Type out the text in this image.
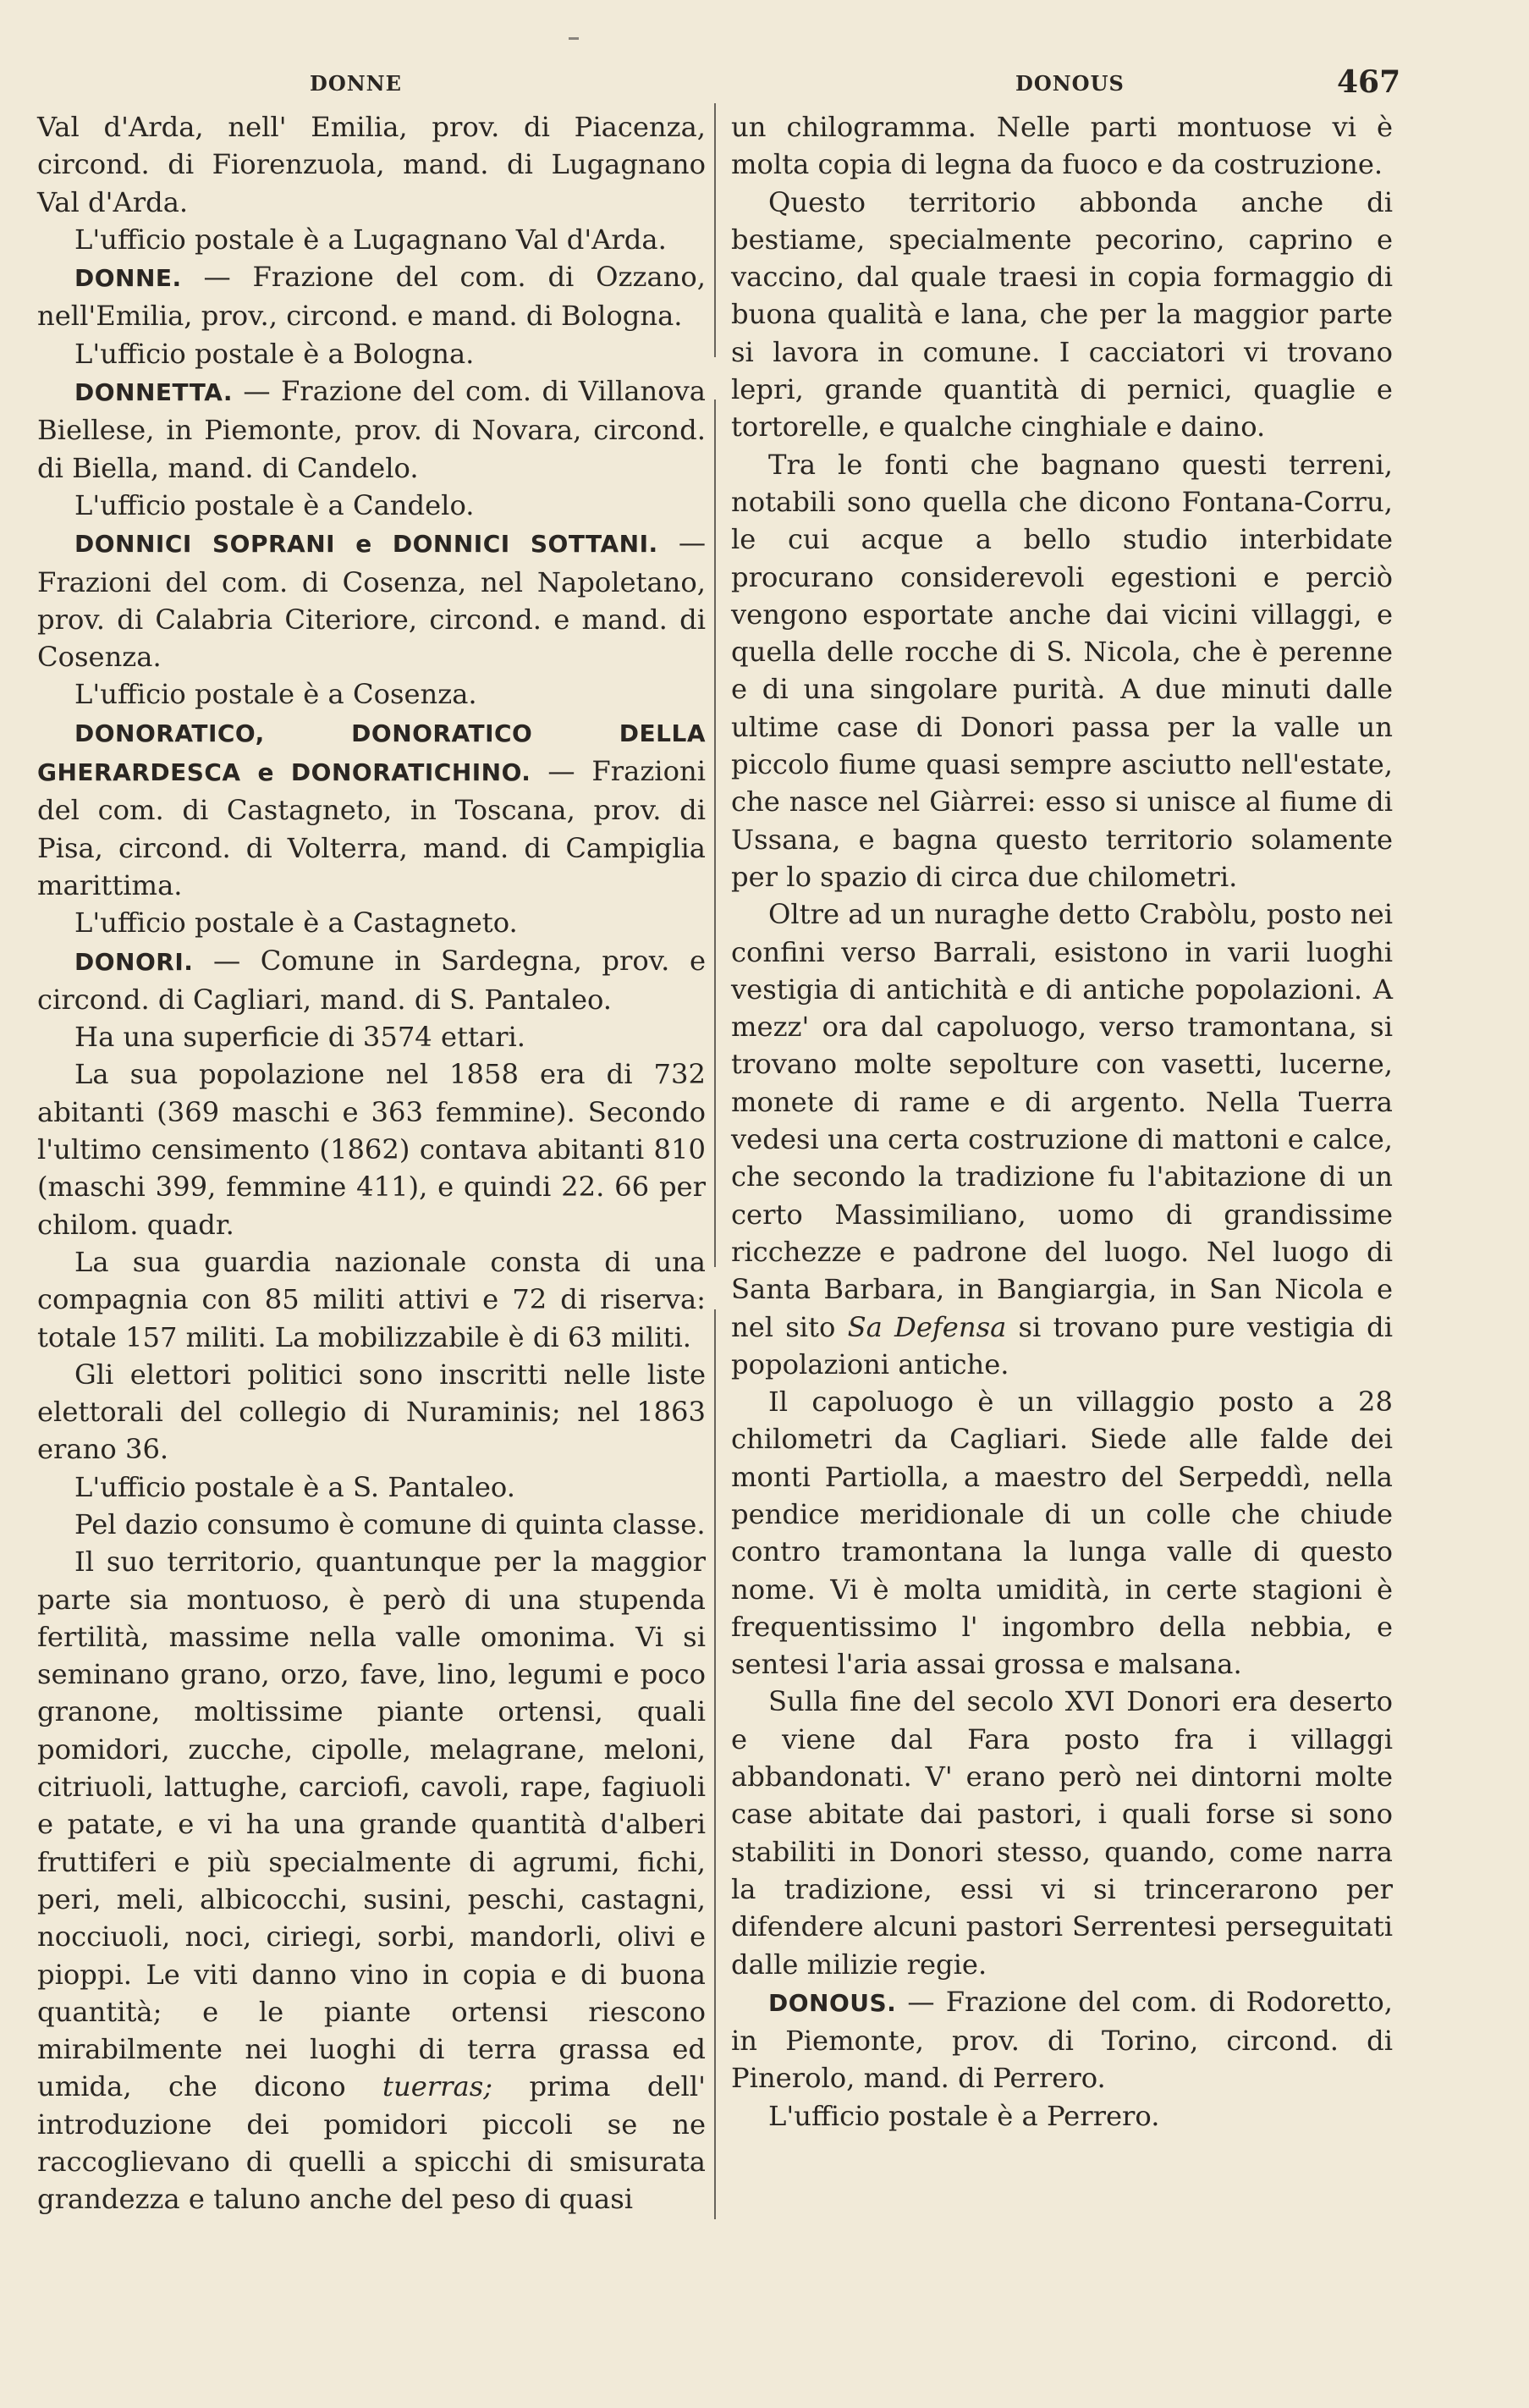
DONNE	DONOUS	467

Val d'Arda, nell' Emilia, prov. di Piacenza, circond. di Fiorenzuola, mand. di Lugagnano Val d'Arda.

L'ufficio postale è a Lugagnano Val d'Arda.

DONNE. — Frazione del com. di Ozzano, nell'Emilia, prov., circond. e mand. di Bologna.

L'ufficio postale è a Bologna.

DONNETTA. — Frazione del com. di Villanova Biellese, in Piemonte, prov. di Novara, circond. di Biella, mand. di Candelo.

L'ufficio postale è a Candelo.

DONNICI SOPRANI e DONNICI SOTTANI. — Frazioni del com. di Cosenza, nel Napoletano, prov. di Calabria Citeriore, circond. e mand. di Cosenza.

L'ufficio postale è a Cosenza.

DONORATICO, DONORATICO DELLA GHERARDESCA e DONORATICHINO. — Frazioni del com. di Castagneto, in Toscana, prov. di Pisa, circond. di Volterra, mand. di Campiglia marittima.

L'ufficio postale è a Castagneto.

DONORI. — Comune in Sardegna, prov. e circond. di Cagliari, mand. di S. Pantaleo.

Ha una superficie di 3574 ettari.

La sua popolazione nel 1858 era di 732 abitanti (369 maschi e 363 femmine). Secondo l'ultimo censimento (1862) contava abitanti 810 (maschi 399, femmine 411), e quindi 22. 66 per chilom. quadr.

La sua guardia nazionale consta di una compagnia con 85 militi attivi e 72 di riserva: totale 157 militi. La mobilizzabile è di 63 militi.

Gli elettori politici sono inscritti nelle liste elettorali del collegio di Nuraminis; nel 1863 erano 36.

L'ufficio postale è a S. Pantaleo.

Pel dazio consumo è comune di quinta classe.

Il suo territorio, quantunque per la maggior parte sia montuoso, è però di una stupenda fertilità, massime nella valle omonima. Vi si seminano grano, orzo, fave, lino, legumi e poco granone, moltissime piante ortensi, quali pomidori, zucche, cipolle, melagrane, meloni, citriuoli, lattughe, carciofi, cavoli, rape, fagiuoli e patate, e vi ha una grande quantità d'alberi fruttiferi e più specialmente di agrumi, fichi, peri, meli, albicocchi, susini, peschi, castagni, nocciuoli, noci, ciriegi, sorbi, mandorli, olivi e pioppi. Le viti danno vino in copia e di buona quantità; e le piante ortensi riescono mirabilmente nei luoghi di terra grassa ed umida, che dicono tuerras; prima dell' introduzione dei pomidori piccoli se ne raccoglievano di quelli a spicchi di smisurata grandezza e taluno anche del peso di quasi

un chilogramma. Nelle parti montuose vi è molta copia di legna da fuoco e da costruzione.

Questo territorio abbonda anche di bestiame, specialmente pecorino, caprino e vaccino, dal quale traesi in copia formaggio di buona qualità e lana, che per la maggior parte si lavora in comune. I cacciatori vi trovano lepri, grande quantità di pernici, quaglie e tortorelle, e qualche cinghiale e daino.

Tra le fonti che bagnano questi terreni, notabili sono quella che dicono Fontana-Corru, le cui acque a bello studio interbidate procurano considerevoli egestioni e perciò vengono esportate anche dai vicini villaggi, e quella delle rocche di S. Nicola, che è perenne e di una singolare purità. A due minuti dalle ultime case di Donori passa per la valle un piccolo fiume quasi sempre asciutto nell'estate, che nasce nel Giàrrei: esso si unisce al fiume di Ussana, e bagna questo territorio solamente per lo spazio di circa due chilometri.

Oltre ad un nuraghe detto Crabòlu, posto nei confini verso Barrali, esistono in varii luoghi vestigia di antichità e di antiche popolazioni. A mezz' ora dal capoluogo, verso tramontana, si trovano molte sepolture con vasetti, lucerne, monete di rame e di argento. Nella Tuerra vedesi una certa costruzione di mattoni e calce, che secondo la tradizione fu l'abitazione di un certo Massimiliano, uomo di grandissime ricchezze e padrone del luogo. Nel luogo di Santa Barbara, in Bangiargia, in San Nicola e nel sito Sa Defensa si trovano pure vestigia di popolazioni antiche.

Il capoluogo è un villaggio posto a 28 chilometri da Cagliari. Siede alle falde dei monti Partiolla, a maestro del Serpeddì, nella pendice meridionale di un colle che chiude contro tramontana la lunga valle di questo nome. Vi è molta umidità, in certe stagioni è frequentissimo l' ingombro della nebbia, e sentesi l'aria assai grossa e malsana.

Sulla fine del secolo XVI Donori era deserto e viene dal Fara posto fra i villaggi abbandonati. V' erano però nei dintorni molte case abitate dai pastori, i quali forse si sono stabiliti in Donori stesso, quando, come narra la tradizione, essi vi si trincerarono per difendere alcuni pastori Serrentesi perseguitati dalle milizie regie.

DONOUS. — Frazione del com. di Rodoretto, in Piemonte, prov. di Torino, circond. di Pinerolo, mand. di Perrero.

L'ufficio postale è a Perrero.
